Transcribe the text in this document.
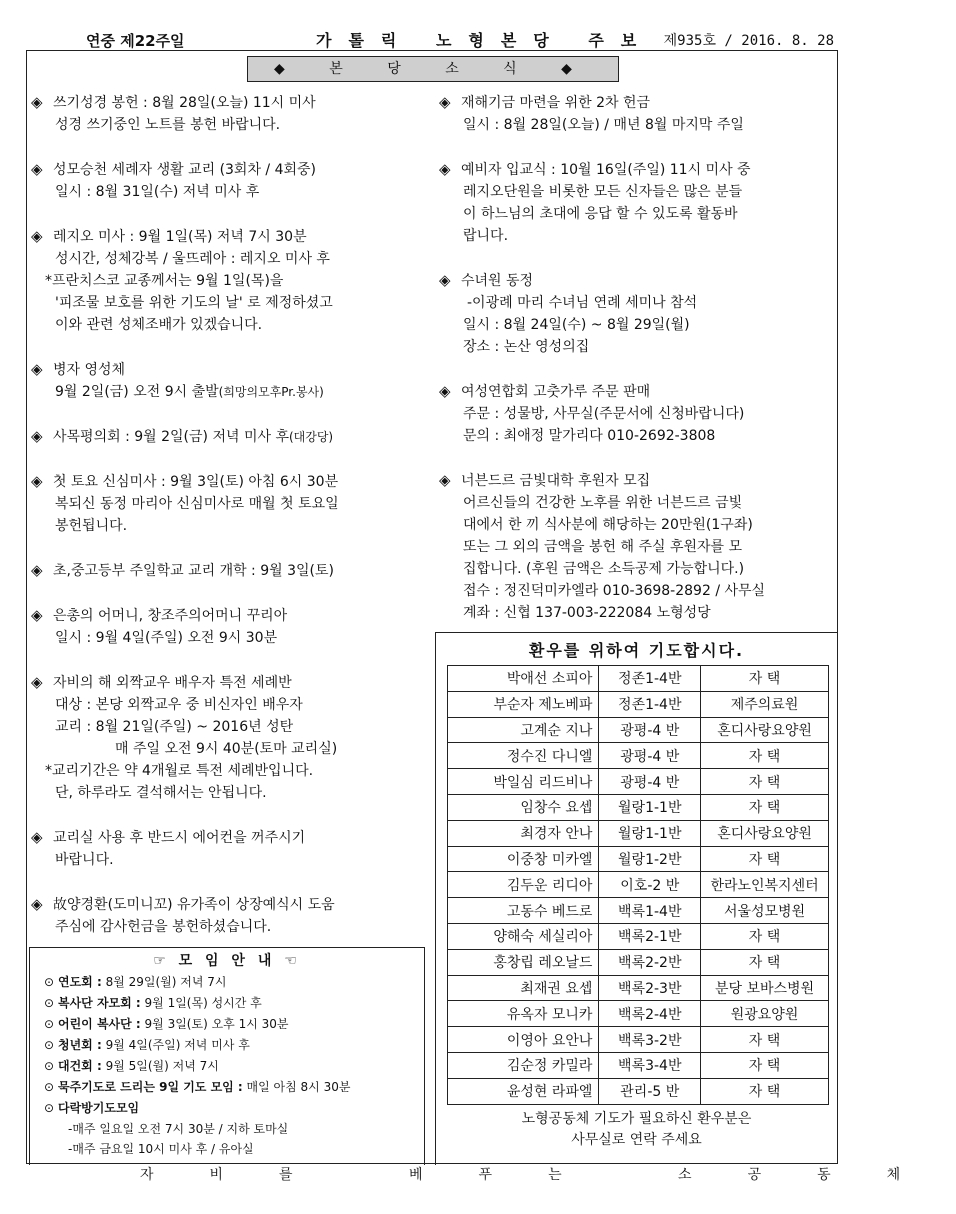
연중 제22주일	가톨릭 노형본당 주보 제935호 / 2016. 8. 28
◆ 본 당 소 식 ◆
◈ 쓰기성경 봉헌 : 8월 28일(오늘) 11시 미사
성경 쓰기중인 노트를 봉헌 바랍니다.
◈ 성모승천 세례자 생활 교리 (3회차 / 4회중)
일시 : 8월 31일(수) 저녁 미사 후
◈ 레지오 미사 : 9월 1일(목) 저녁 7시 30분
성시간, 성체강복 / 울뜨레아 : 레지오 미사 후
*프란치스코 교종께서는 9월 1일(목)을
'피조물 보호를 위한 기도의 날' 로 제정하셨고
이와 관련 성체조배가 있겠습니다.
◈ 병자 영성체
9월 2일(금) 오전 9시 출발(희망의모후Pr.봉사)
◈ 사목평의회 : 9월 2일(금) 저녁 미사 후(대강당)
◈ 첫 토요 신심미사 : 9월 3일(토) 아침 6시 30분
복되신 동정 마리아 신심미사로 매월 첫 토요일
봉헌됩니다.
◈ 초,중고등부 주일학교 교리 개학 : 9월 3일(토)
◈ 은총의 어머니, 창조주의어머니 꾸리아
일시 : 9월 4일(주일) 오전 9시 30분
◈ 자비의 해 외짝교우 배우자 특전 세례반
대상 : 본당 외짝교우 중 비신자인 배우자
교리 : 8월 21일(주일) ~ 2016년 성탄
매 주일 오전 9시 40분(토마 교리실)
*교리기간은 약 4개월로 특전 세례반입니다.
단, 하루라도 결석해서는 안됩니다.
◈ 교리실 사용 후 반드시 에어컨을 꺼주시기
바랍니다.
◈ 故양경환(도미니꼬) 유가족이 상장예식시 도움
주심에 감사헌금을 봉헌하셨습니다.
◈ 재해기금 마련을 위한 2차 헌금
일시 : 8월 28일(오늘) / 매년 8월 마지막 주일
◈ 예비자 입교식 : 10월 16일(주일) 11시 미사 중
레지오단원을 비롯한 모든 신자들은 많은 분들
이 하느님의 초대에 응답 할 수 있도록 활동바
랍니다.
◈ 수녀원 동정
-이광례 마리 수녀님 연례 세미나 참석
일시 : 8월 24일(수) ~ 8월 29일(월)
장소 : 논산 영성의집
◈ 여성연합회 고춧가루 주문 판매
주문 : 성물방, 사무실(주문서에 신청바랍니다)
문의 : 최애정 말가리다 010-2692-3808
◈ 너븐드르 금빛대학 후원자 모집
어르신들의 건강한 노후를 위한 너븐드르 금빛
대에서 한 끼 식사분에 해당하는 20만원(1구좌)
또는 그 외의 금액을 봉헌 해 주실 후원자를 모
집합니다. (후원 금액은 소득공제 가능합니다.)
접수 : 정진덕미카엘라 010-3698-2892 / 사무실
계좌 : 신협 137-003-222084 노형성당
☞ 모 임 안 내 ☜
⊙ 연도회 : 8월 29일(월) 저녁 7시
⊙ 복사단 자모회 : 9월 1일(목) 성시간 후
⊙ 어린이 복사단 : 9월 3일(토) 오후 1시 30분
⊙ 청년회 : 9월 4일(주일) 저녁 미사 후
⊙ 대건회 : 9월 5일(월) 저녁 7시
⊙ 묵주기도로 드리는 9일 기도 모임 : 매일 아침 8시 30분
⊙ 다락방기도모임
-매주 일요일 오전 7시 30분 / 지하 토마실
-매주 금요일 10시 미사 후 / 유아실
환우를 위하여 기도합시다.
박애선 소피아	정존1-4반	자 택
부순자 제노베파	정존1-4반	제주의료원
고계순 지나	광평-4 반	혼디사랑요양원
정수진 다니엘	광평-4 반	자 택
박일심 리드비나	광평-4 반	자 택
임창수 요셉	월랑1-1반	자 택
최경자 안나	월랑1-1반	혼디사랑요양원
이중창 미카엘	월랑1-2반	자 택
김두운 리디아	이호-2 반	한라노인복지센터
고동수 베드로	백록1-4반	서울성모병원
양해숙 세실리아	백록2-1반	자 택
홍창립 레오날드	백록2-2반	자 택
최재권 요셉	백록2-3반	분당 보바스병원
유옥자 모니카	백록2-4반	원광요양원
이영아 요안나	백록3-2반	자 택
김순정 카밀라	백록3-4반	자 택
윤성현 라파엘	관리-5 반	자 택
노형공동체 기도가 필요하신 환우분은
사무실로 연락 주세요
자비를 베푸는 소공동체
